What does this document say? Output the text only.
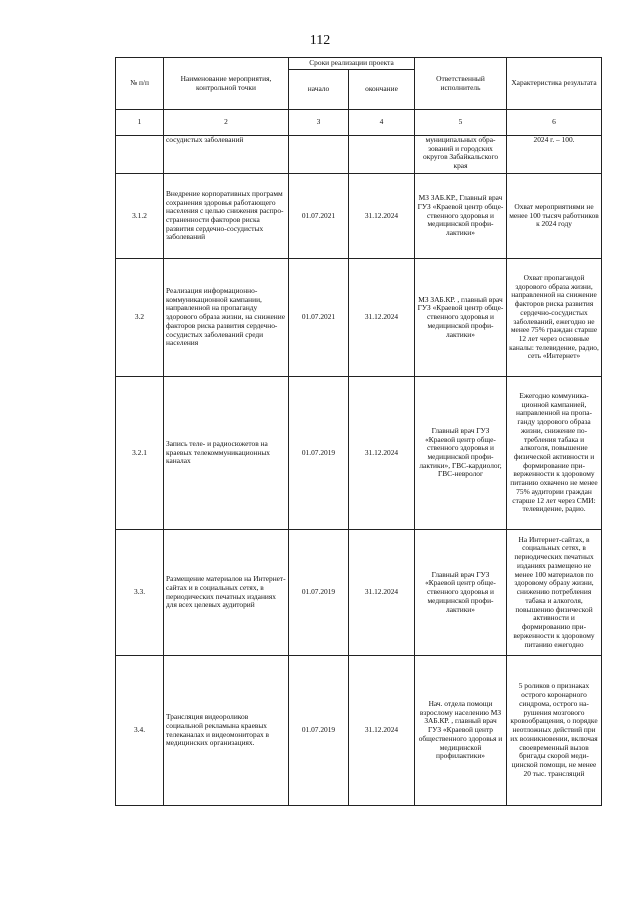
112
№ п/п	Наименование мероприятия, контрольной точки	Сроки реализации проекта		Ответственный исполнитель	Характеристика результата
		начало	окончание		
1	2	3	4	5	6
	сосудистых заболеваний			муниципальных образований и городских округов Забайкальского края	2024 г. – 100.
3.1.2	Внедрение корпоративных программ сохранения здоровья работающего населения с целью снижения распространенности факторов риска развития сердечно-сосудистых заболеваний	01.07.2021	31.12.2024	МЗ ЗАБ.КР., Главный врач ГУЗ «Краевой центр общественного здоровья и медицинской профилактики»	Охват мероприятиями не менее 100 тысяч работников к 2024 году
3.2	Реализация информационно-коммуникационной кампании, направленной на пропаганду здорового образа жизни, на снижение факторов риска развития сердечно-сосудистых заболеваний среди населения	01.07.2021	31.12.2024	МЗ ЗАБ.КР. , главный врач ГУЗ «Краевой центр общественного здоровья и медицинской профилактики»	Охват пропагандой здорового образа жизни, направленной на снижение факторов риска развития сердечно-сосудистых заболеваний, ежегодно не менее 75% граждан старше 12 лет через основные каналы: телевидение, радио, сеть «Интернет»
3.2.1	Запись теле- и радиосюжетов на краевых телекоммуникационных каналах	01.07.2019	31.12.2024	Главный врач ГУЗ «Краевой центр общественного здоровья и медицинской профилактики», ГВС-кардиолог, ГВС-невролог	Ежегодно коммуникационной кампанией, направленной на пропаганду здорового образа жизни, снижение потребления табака и алкоголя, повышение физической активности и формирование приверженности к здоровому питанию охвачено не менее 75% аудитории граждан старше 12 лет через СМИ: телевидение, радио.
3.3.	Размещение материалов на Интернет-сайтах и в социальных сетях, в периодических печатных изданиях для всех целевых аудиторий	01.07.2019	31.12.2024	Главный врач ГУЗ «Краевой центр общественного здоровья и медицинской профилактики»	На Интернет-сайтах, в социальных сетях, в периодических печатных изданиях размещено не менее 100 материалов по здоровому образу жизни, снижению потребления табака и алкоголя, повышению физической активности и формированию приверженности к здоровому питанию ежегодно
3.4.	Трансляция видеороликов социальной рекламына краевых телеканалах и видеомониторах в медицинских организациях.	01.07.2019	31.12.2024	Нач. отдела помощи взрослому населению МЗ ЗАБ.КР. , главный врач ГУЗ «Краевой центр общественного здоровья и медицинской профилактики»	5 роликов о признаках острого коронарного синдрома, острого нарушения мозгового кровообращения, о порядке неотложных действий при их возникновении, включая своевременный вызов бригады скорой медицинской помощи, не менее 20 тыс. трансляций
